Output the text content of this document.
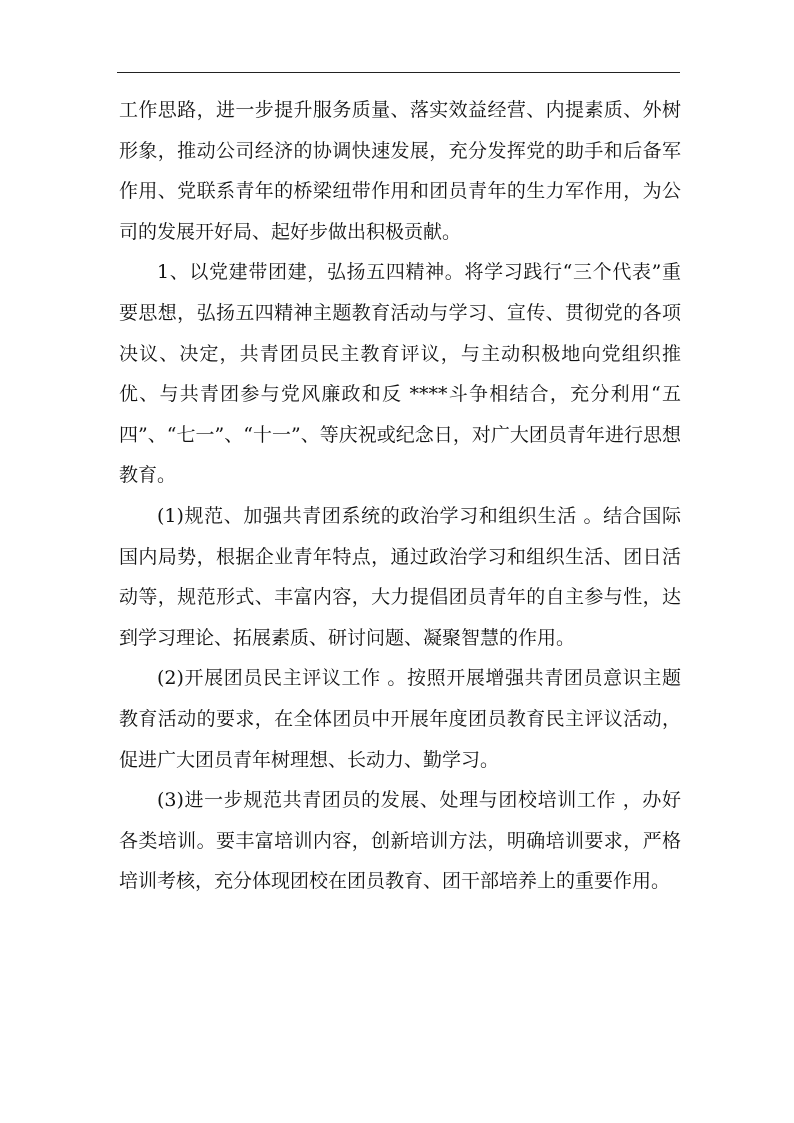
工作思路，进一步提升服务质量、落实效益经营、内提素质、外树形象，推动公司经济的协调快速发展，充分发挥党的助手和后备军作用、党联系青年的桥梁纽带作用和团员青年的生力军作用，为公司的发展开好局、起好步做出积极贡献。

1、以党建带团建，弘扬五四精神。将学习践行“三个代表”重要思想，弘扬五四精神主题教育活动与学习、宣传、贯彻党的各项决议、决定，共青团员民主教育评议，与主动积极地向党组织推优、与共青团参与党风廉政和反 ****斗争相结合，充分利用“五四”、“七一”、“十一”、等庆祝或纪念日，对广大团员青年进行思想教育。

(1)规范、加强共青团系统的政治学习和组织生活 。结合国际国内局势，根据企业青年特点，通过政治学习和组织生活、团日活动等，规范形式、丰富内容，大力提倡团员青年的自主参与性，达到学习理论、拓展素质、研讨问题、凝聚智慧的作用。

(2)开展团员民主评议工作 。按照开展增强共青团员意识主题教育活动的要求，在全体团员中开展年度团员教育民主评议活动，促进广大团员青年树理想、长动力、勤学习。

(3)进一步规范共青团员的发展、处理与团校培训工作 ，办好各类培训。要丰富培训内容，创新培训方法，明确培训要求，严格培训考核，充分体现团校在团员教育、团干部培养上的重要作用。
